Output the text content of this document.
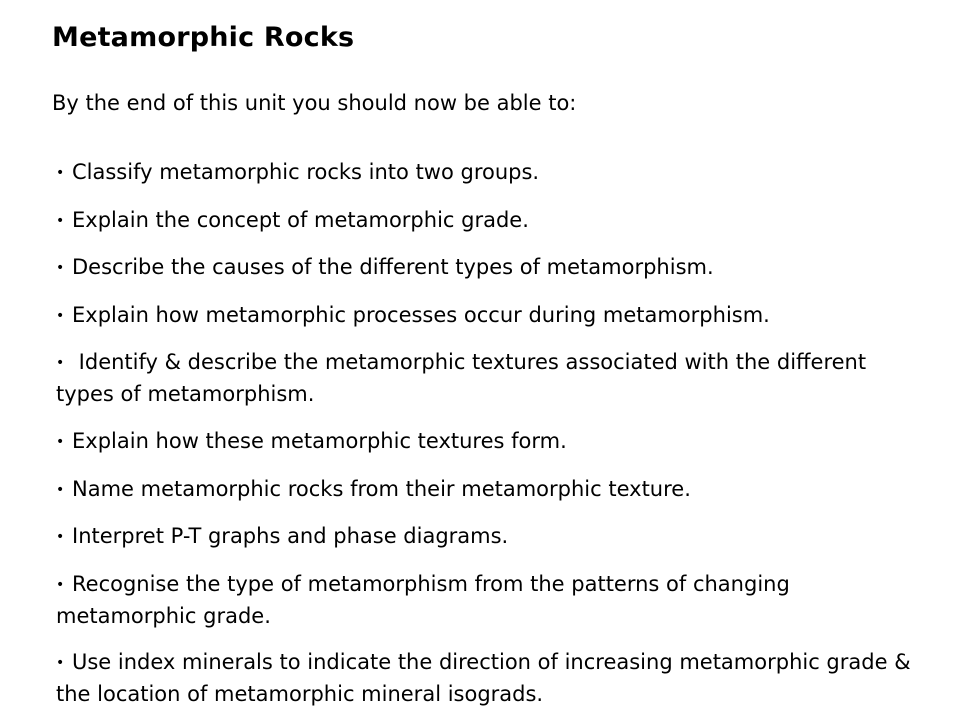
Metamorphic Rocks
By the end of this unit you should now be able to:
• Classify metamorphic rocks into two groups.
• Explain the concept of metamorphic grade.
• Describe the causes of the different types of metamorphism.
• Explain how metamorphic processes occur during metamorphism.
• Identify & describe the metamorphic textures associated with the different types of metamorphism.
• Explain how these metamorphic textures form.
• Name metamorphic rocks from their metamorphic texture.
• Interpret P-T graphs and phase diagrams.
• Recognise the type of metamorphism from the patterns of changing metamorphic grade.
• Use index minerals to indicate the direction of increasing metamorphic grade & the location of metamorphic mineral isograds.
